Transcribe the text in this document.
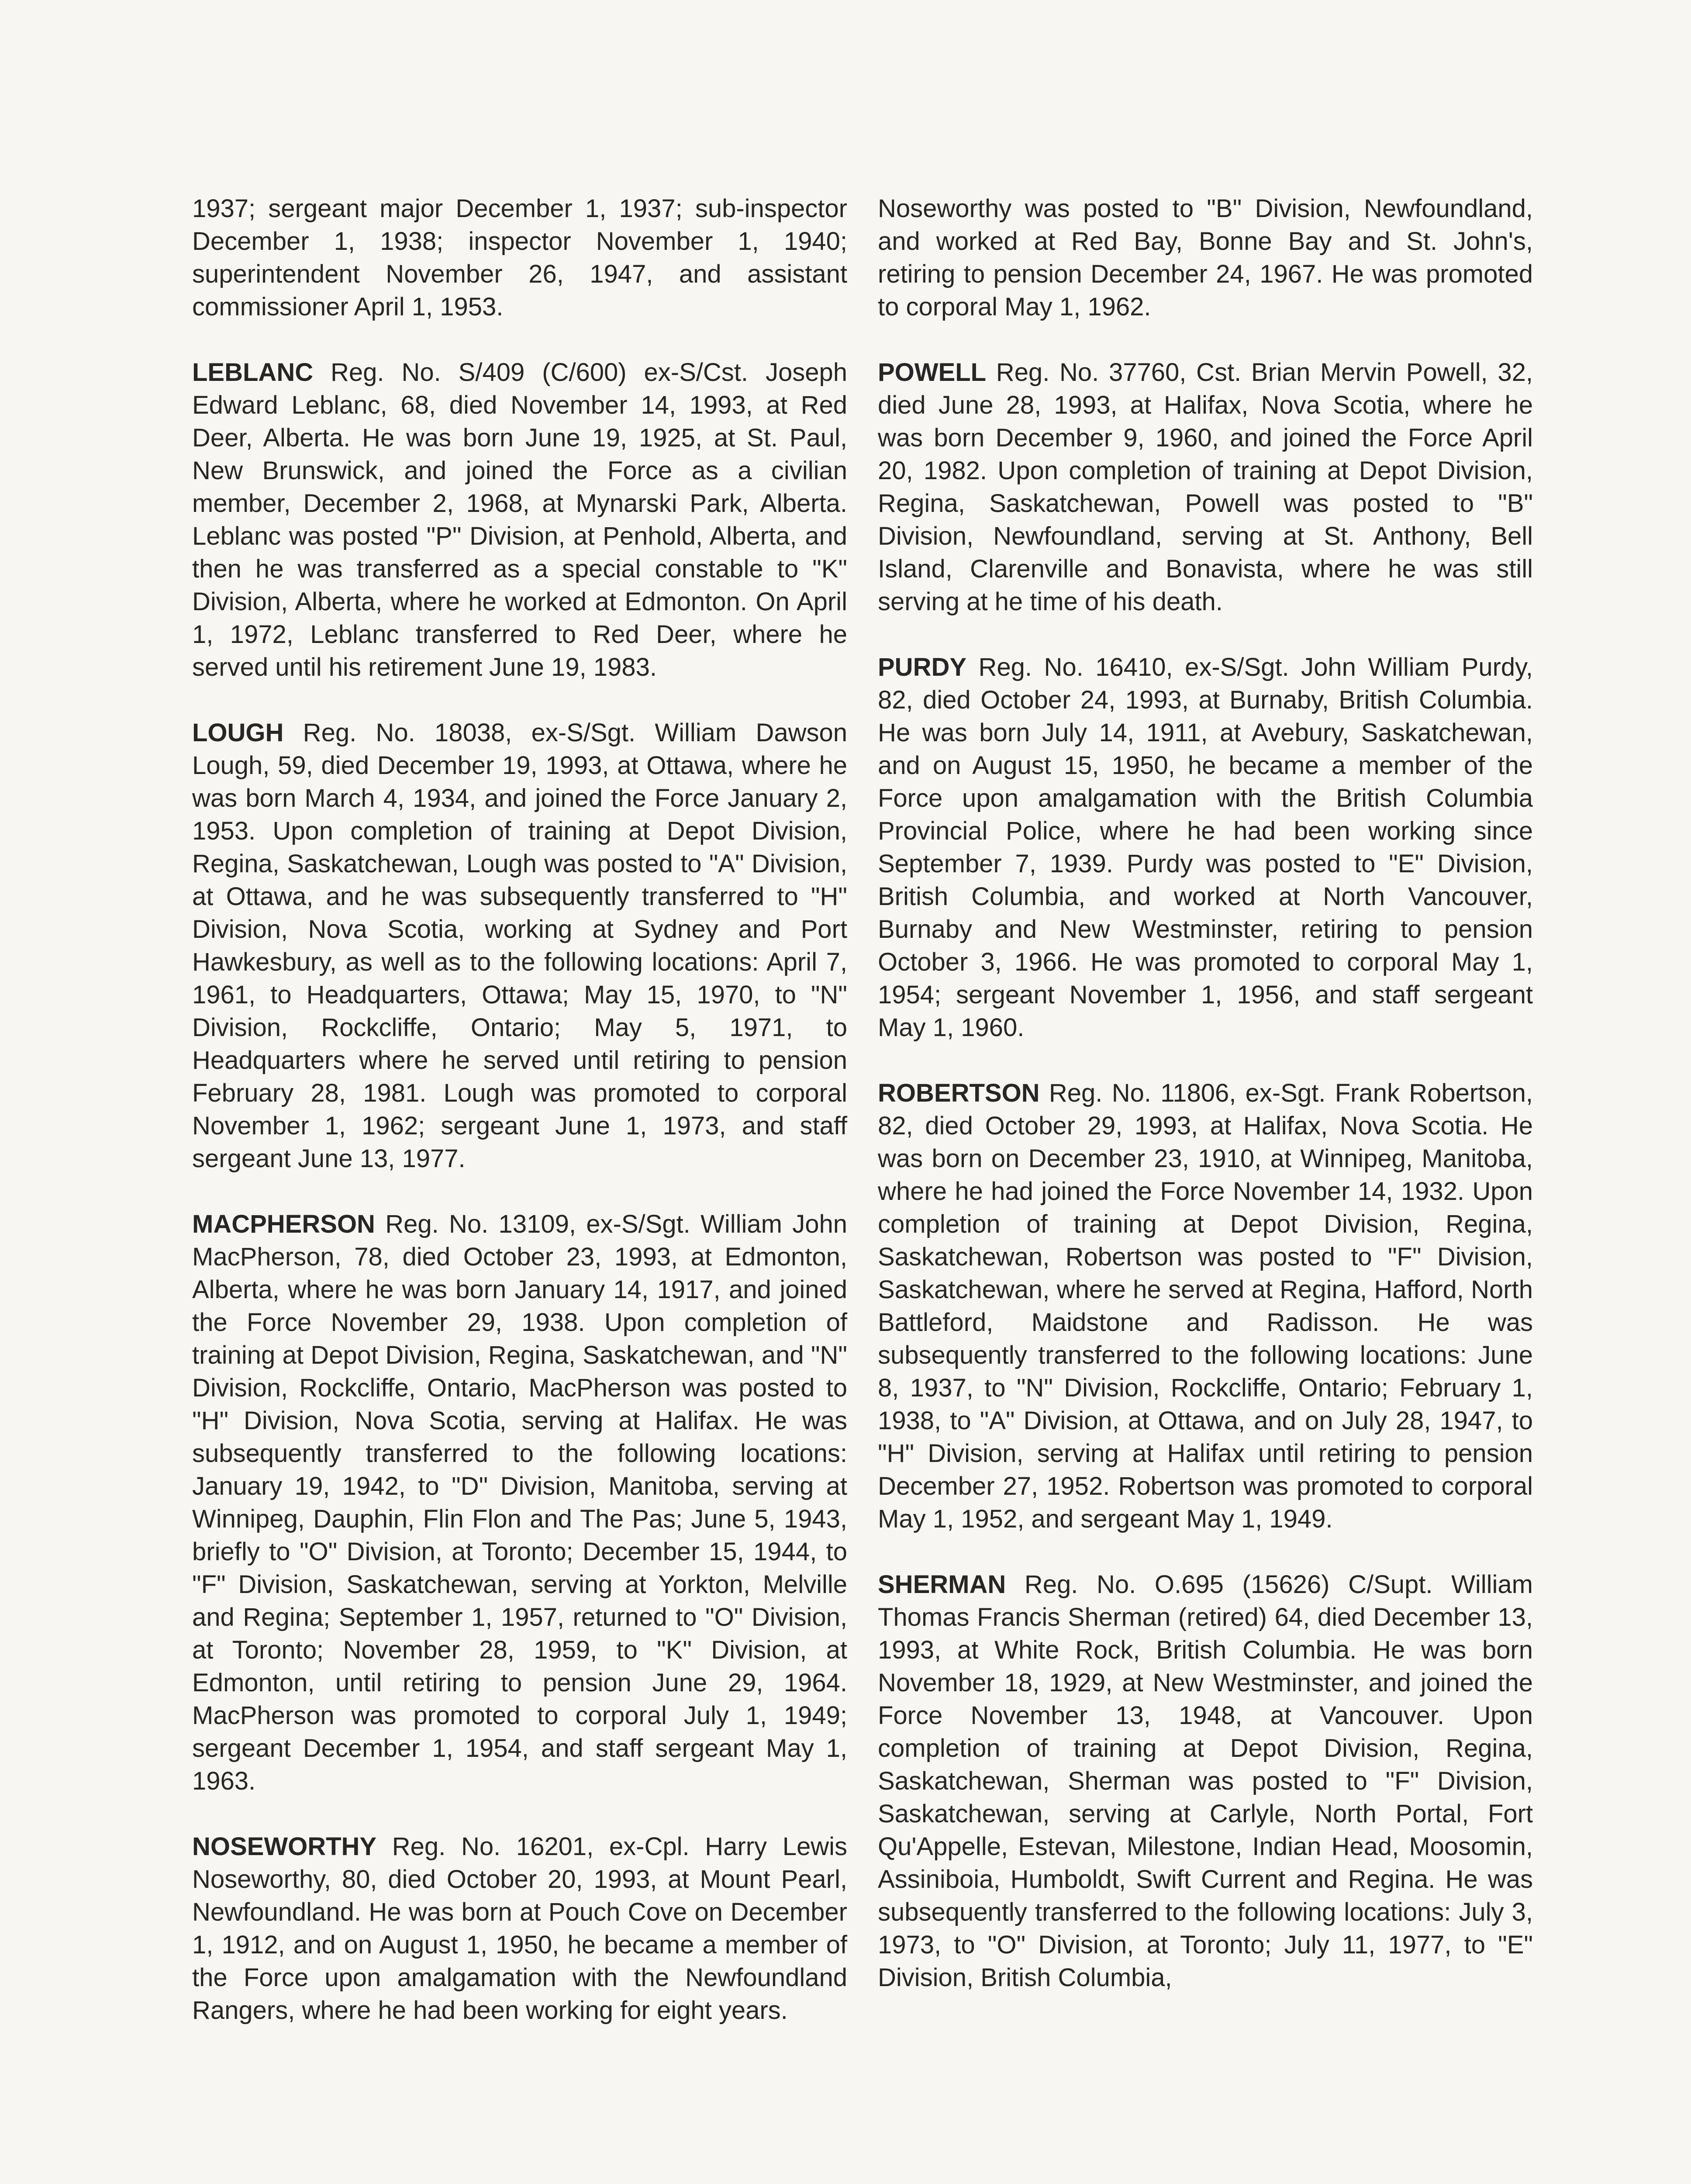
1937; sergeant major December 1, 1937; sub-inspector December 1, 1938; inspector November 1, 1940; superintendent November 26, 1947, and assistant commissioner April 1, 1953.

LEBLANC Reg. No. S/409 (C/600) ex-S/Cst. Joseph Edward Leblanc, 68, died November 14, 1993, at Red Deer, Alberta. He was born June 19, 1925, at St. Paul, New Brunswick, and joined the Force as a civilian member, December 2, 1968, at Mynarski Park, Alberta. Leblanc was posted "P" Division, at Penhold, Alberta, and then he was transferred as a special constable to "K" Division, Alberta, where he worked at Edmonton. On April 1, 1972, Leblanc transferred to Red Deer, where he served until his retirement June 19, 1983.

LOUGH Reg. No. 18038, ex-S/Sgt. William Dawson Lough, 59, died December 19, 1993, at Ottawa, where he was born March 4, 1934, and joined the Force January 2, 1953. Upon completion of training at Depot Division, Regina, Saskatchewan, Lough was posted to "A" Division, at Ottawa, and he was subsequently transferred to "H" Division, Nova Scotia, working at Sydney and Port Hawkesbury, as well as to the following locations: April 7, 1961, to Headquarters, Ottawa; May 15, 1970, to "N" Division, Rockcliffe, Ontario; May 5, 1971, to Headquarters where he served until retiring to pension February 28, 1981. Lough was promoted to corporal November 1, 1962; sergeant June 1, 1973, and staff sergeant June 13, 1977.

MACPHERSON Reg. No. 13109, ex-S/Sgt. William John MacPherson, 78, died October 23, 1993, at Edmonton, Alberta, where he was born January 14, 1917, and joined the Force November 29, 1938. Upon completion of training at Depot Division, Regina, Saskatchewan, and "N" Division, Rockcliffe, Ontario, MacPherson was posted to "H" Division, Nova Scotia, serving at Halifax. He was subsequently transferred to the following locations: January 19, 1942, to "D" Division, Manitoba, serving at Winnipeg, Dauphin, Flin Flon and The Pas; June 5, 1943, briefly to "O" Division, at Toronto; December 15, 1944, to "F" Division, Saskatchewan, serving at Yorkton, Melville and Regina; September 1, 1957, returned to "O" Division, at Toronto; November 28, 1959, to "K" Division, at Edmonton, until retiring to pension June 29, 1964. MacPherson was promoted to corporal July 1, 1949; sergeant December 1, 1954, and staff sergeant May 1, 1963.

NOSEWORTHY Reg. No. 16201, ex-Cpl. Harry Lewis Noseworthy, 80, died October 20, 1993, at Mount Pearl, Newfoundland. He was born at Pouch Cove on December 1, 1912, and on August 1, 1950, he became a member of the Force upon amalgamation with the Newfoundland Rangers, where he had been working for eight years.

Noseworthy was posted to "B" Division, Newfoundland, and worked at Red Bay, Bonne Bay and St. John's, retiring to pension December 24, 1967. He was promoted to corporal May 1, 1962.

POWELL Reg. No. 37760, Cst. Brian Mervin Powell, 32, died June 28, 1993, at Halifax, Nova Scotia, where he was born December 9, 1960, and joined the Force April 20, 1982. Upon completion of training at Depot Division, Regina, Saskatchewan, Powell was posted to "B" Division, Newfoundland, serving at St. Anthony, Bell Island, Clarenville and Bonavista, where he was still serving at he time of his death.

PURDY Reg. No. 16410, ex-S/Sgt. John William Purdy, 82, died October 24, 1993, at Burnaby, British Columbia. He was born July 14, 1911, at Avebury, Saskatchewan, and on August 15, 1950, he became a member of the Force upon amalgamation with the British Columbia Provincial Police, where he had been working since September 7, 1939. Purdy was posted to "E" Division, British Columbia, and worked at North Vancouver, Burnaby and New Westminster, retiring to pension October 3, 1966. He was promoted to corporal May 1, 1954; sergeant November 1, 1956, and staff sergeant May 1, 1960.

ROBERTSON Reg. No. 11806, ex-Sgt. Frank Robertson, 82, died October 29, 1993, at Halifax, Nova Scotia. He was born on December 23, 1910, at Winnipeg, Manitoba, where he had joined the Force November 14, 1932. Upon completion of training at Depot Division, Regina, Saskatchewan, Robertson was posted to "F" Division, Saskatchewan, where he served at Regina, Hafford, North Battleford, Maidstone and Radisson. He was subsequently transferred to the following locations: June 8, 1937, to "N" Division, Rockcliffe, Ontario; February 1, 1938, to "A" Division, at Ottawa, and on July 28, 1947, to "H" Division, serving at Halifax until retiring to pension December 27, 1952. Robertson was promoted to corporal May 1, 1952, and sergeant May 1, 1949.

SHERMAN Reg. No. O.695 (15626) C/Supt. William Thomas Francis Sherman (retired) 64, died December 13, 1993, at White Rock, British Columbia. He was born November 18, 1929, at New Westminster, and joined the Force November 13, 1948, at Vancouver. Upon completion of training at Depot Division, Regina, Saskatchewan, Sherman was posted to "F" Division, Saskatchewan, serving at Carlyle, North Portal, Fort Qu'Appelle, Estevan, Milestone, Indian Head, Moosomin, Assiniboia, Humboldt, Swift Current and Regina. He was subsequently transferred to the following locations: July 3, 1973, to "O" Division, at Toronto; July 11, 1977, to "E" Division, British Columbia,
